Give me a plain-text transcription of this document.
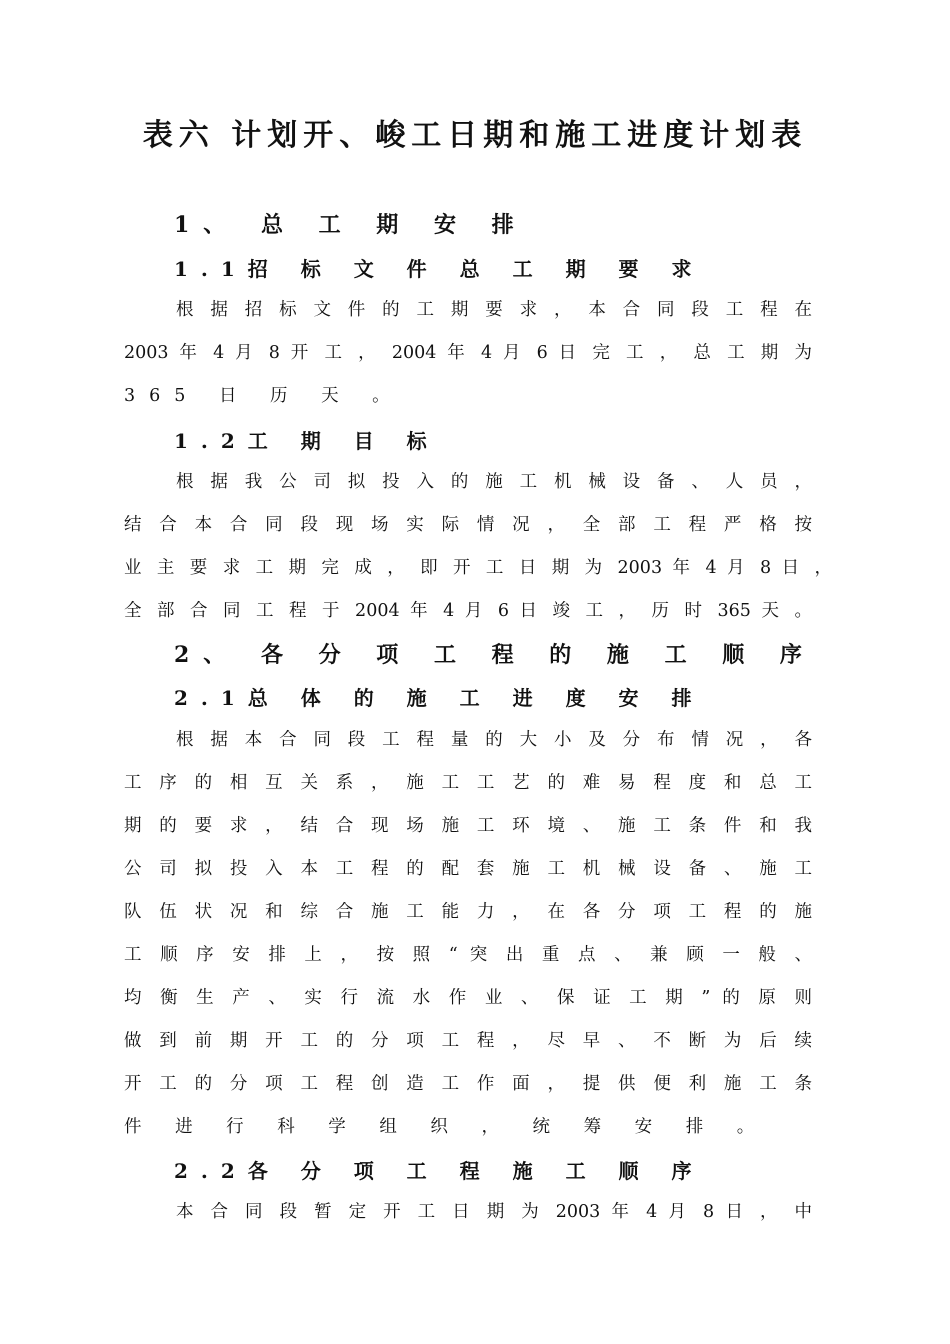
表六 计划开、峻工日期和施工进度计划表
1、 总 工 期 安 排
1.1招 标 文 件 总 工 期 要 求

根 据 招 标 文 件 的 工 期 要 求 ， 本 合 同 段 工 程 在

2003 年 4 月 8 开 工 ， 2004 年 4 月 6 日 完 工 ， 总 工 期 为

365 日 历 天 。

1.2工 期 目 标

根 据 我 公 司 拟 投 入 的 施 工 机 械 设 备 、 人 员 ，

结 合 本 合 同 段 现 场 实 际 情 况 ， 全 部 工 程 严 格 按

业 主 要 求 工 期 完 成 ， 即 开 工 日 期 为 2003 年 4 月 8 日 ，

全 部 合 同 工 程 于 2004 年 4 月 6 日 竣 工 ， 历 时 365 天 。

2、 各 分 项 工 程 的 施 工 顺 序
2.1总 体 的 施 工 进 度 安 排

根 据 本 合 同 段 工 程 量 的 大 小 及 分 布 情 况 ， 各

工 序 的 相 互 关 系 ， 施 工 工 艺 的 难 易 程 度 和 总 工

期 的 要 求 ， 结 合 现 场 施 工 环 境 、 施 工 条 件 和 我

公 司 拟 投 入 本 工 程 的 配 套 施 工 机 械 设 备 、 施 工

队 伍 状 况 和 综 合 施 工 能 力 ， 在 各 分 项 工 程 的 施

工 顺 序 安 排 上 ， 按 照 “ 突 出 重 点 、 兼 顾 一 般 、

均 衡 生 产 、 实 行 流 水 作 业 、 保 证 工 期 ” 的 原 则

做 到 前 期 开 工 的 分 项 工 程 ， 尽 早 、 不 断 为 后 续

开 工 的 分 项 工 程 创 造 工 作 面 ， 提 供 便 利 施 工 条

件 进 行 科 学 组 织 ， 统 筹 安 排 。

2.2各 分 项 工 程 施 工 顺 序

本 合 同 段 暂 定 开 工 日 期 为 2003 年 4 月 8 日 ， 中
